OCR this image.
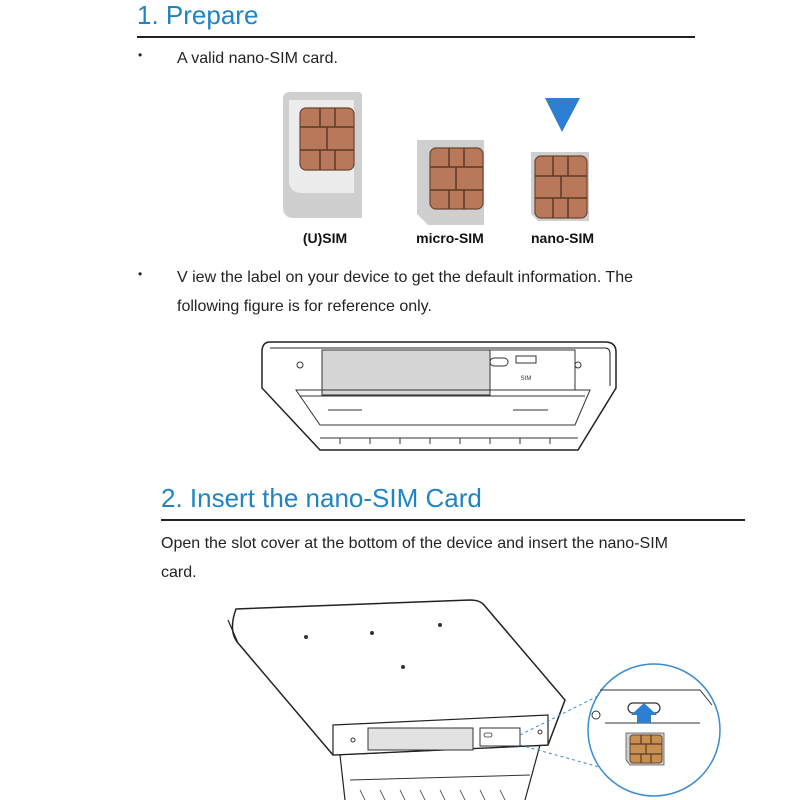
1. Prepare
• A valid nano-SIM card.
(U)SIM	micro-SIM	nano-SIM
• V iew the label on your device to get the default information. The
following figure is for reference only.
SIM
2. Insert the nano-SIM Card
Open the slot cover at the bottom of the device and insert the nano-SIM
card.
